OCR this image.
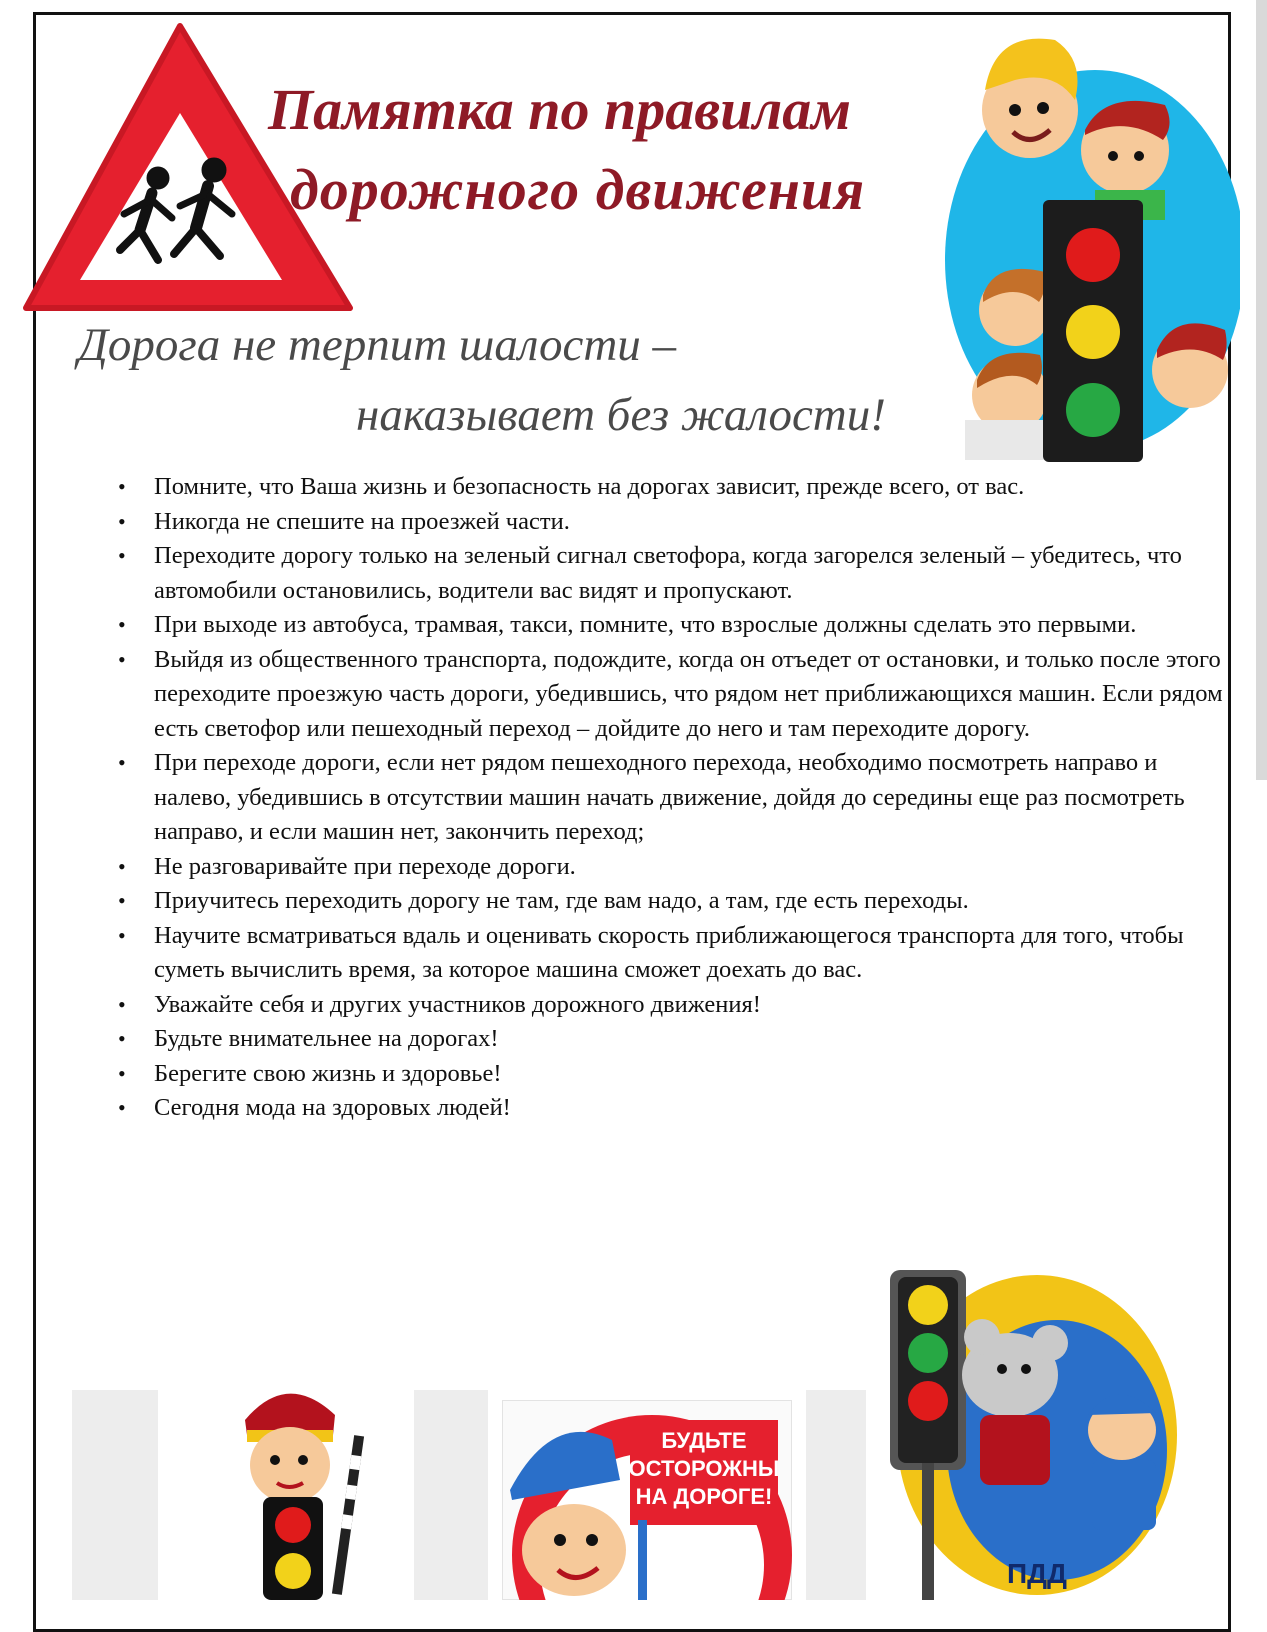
Памятка по правилам
дорожного движения
Дорога не терпит шалости –
наказывает без жалости!
• Помните, что Ваша жизнь и безопасность на дорогах зависит, прежде всего, от вас.
• Никогда не спешите на проезжей части.
• Переходите дорогу только на зеленый сигнал светофора, когда загорелся зеленый – убедитесь, что автомобили остановились, водители вас видят и пропускают.
• При выходе из автобуса, трамвая, такси, помните, что взрослые должны сделать это первыми.
• Выйдя из общественного транспорта, подождите, когда он отъедет от остановки, и только после этого переходите проезжую часть дороги, убедившись, что рядом нет приближающихся машин. Если рядом есть светофор или пешеходный переход – дойдите до него и там переходите дорогу.
• При переходе дороги, если нет рядом пешеходного перехода, необходимо посмотреть направо и налево, убедившись в отсутствии машин начать движение, дойдя до середины еще раз посмотреть направо, и если машин нет, закончить переход;
• Не разговаривайте при переходе дороги.
• Приучитесь переходить дорогу не там, где вам надо, а там, где есть переходы.
• Научите всматриваться вдаль и оценивать скорость приближающегося транспорта для того, чтобы суметь вычислить время, за которое машина сможет доехать до вас.
• Уважайте себя и других участников дорожного движения!
• Будьте внимательнее на дорогах!
• Берегите свою жизнь и здоровье!
• Сегодня мода на здоровых людей!
БУДЬТЕ
ОСТОРОЖНЫ
НА ДОРОГЕ!
ПДД
